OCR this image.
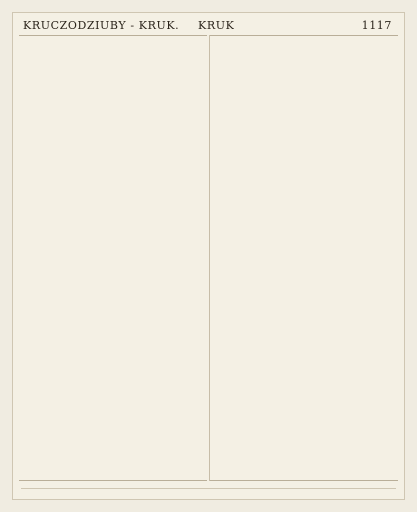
KRUCZODZIUBY - KRUK. KRUK	1117
